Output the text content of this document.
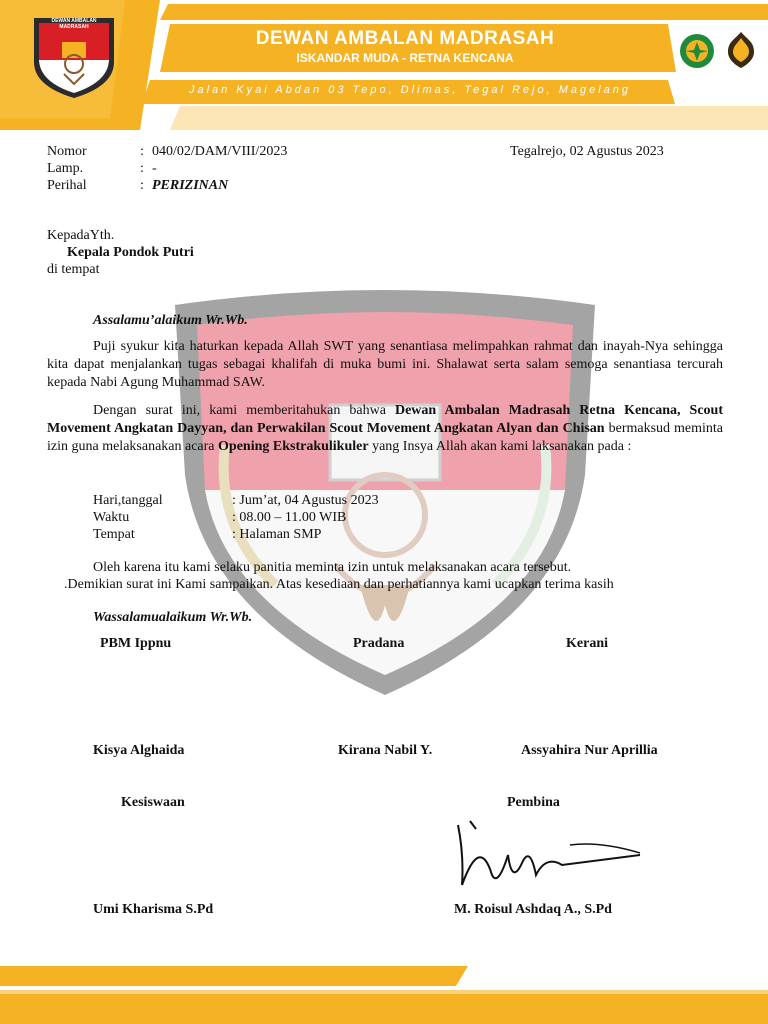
DEWAN AMBALAN MADRASAH
DEWAN AMBALAN MADRASAH
ISKANDAR MUDA - RETNA KENCANA
Jalan Kyai Abdan 03 Tepo, Dlimas, Tegal Rejo, Magelang
Nomor	: 040/02/DAM/VIII/2023	Tegalrejo, 02 Agustus 2023
Lamp.	: -
Perihal	: PERIZINAN
KepadaYth.
Kepala Pondok Putri
di tempat
Assalamu’alaikum Wr.Wb.
Puji syukur kita haturkan kepada Allah SWT yang senantiasa melimpahkan rahmat dan inayah-Nya sehingga kita dapat menjalankan tugas sebagai khalifah di muka bumi ini. Shalawat serta salam semoga senantiasa tercurah kepada Nabi Agung Muhammad SAW.
Dengan surat ini, kami memberitahukan bahwa Dewan Ambalan Madrasah Retna Kencana, Scout Movement Angkatan Dayyan, dan Perwakilan Scout Movement Angkatan Alyan dan Chisan bermaksud meminta izin guna melaksanakan acara Opening Ekstrakulikuler yang Insya Allah akan kami laksanakan pada :
Hari,tanggal	: Jum’at, 04 Agustus 2023
Waktu	: 08.00 – 11.00 WIB
Tempat	: Halaman SMP
Oleh karena itu kami selaku panitia meminta izin untuk melaksanakan acara tersebut.
.Demikian surat ini Kami sampaikan. Atas kesediaan dan perhatiannya kami ucapkan terima kasih
Wassalamualaikum Wr.Wb.
PBM Ippnu	Pradana	Kerani
Kisya Alghaida	Kirana Nabil Y.	Assyahira Nur Aprillia
Kesiswaan	Pembina
Umi Kharisma S.Pd	M. Roisul Ashdaq A., S.Pd
